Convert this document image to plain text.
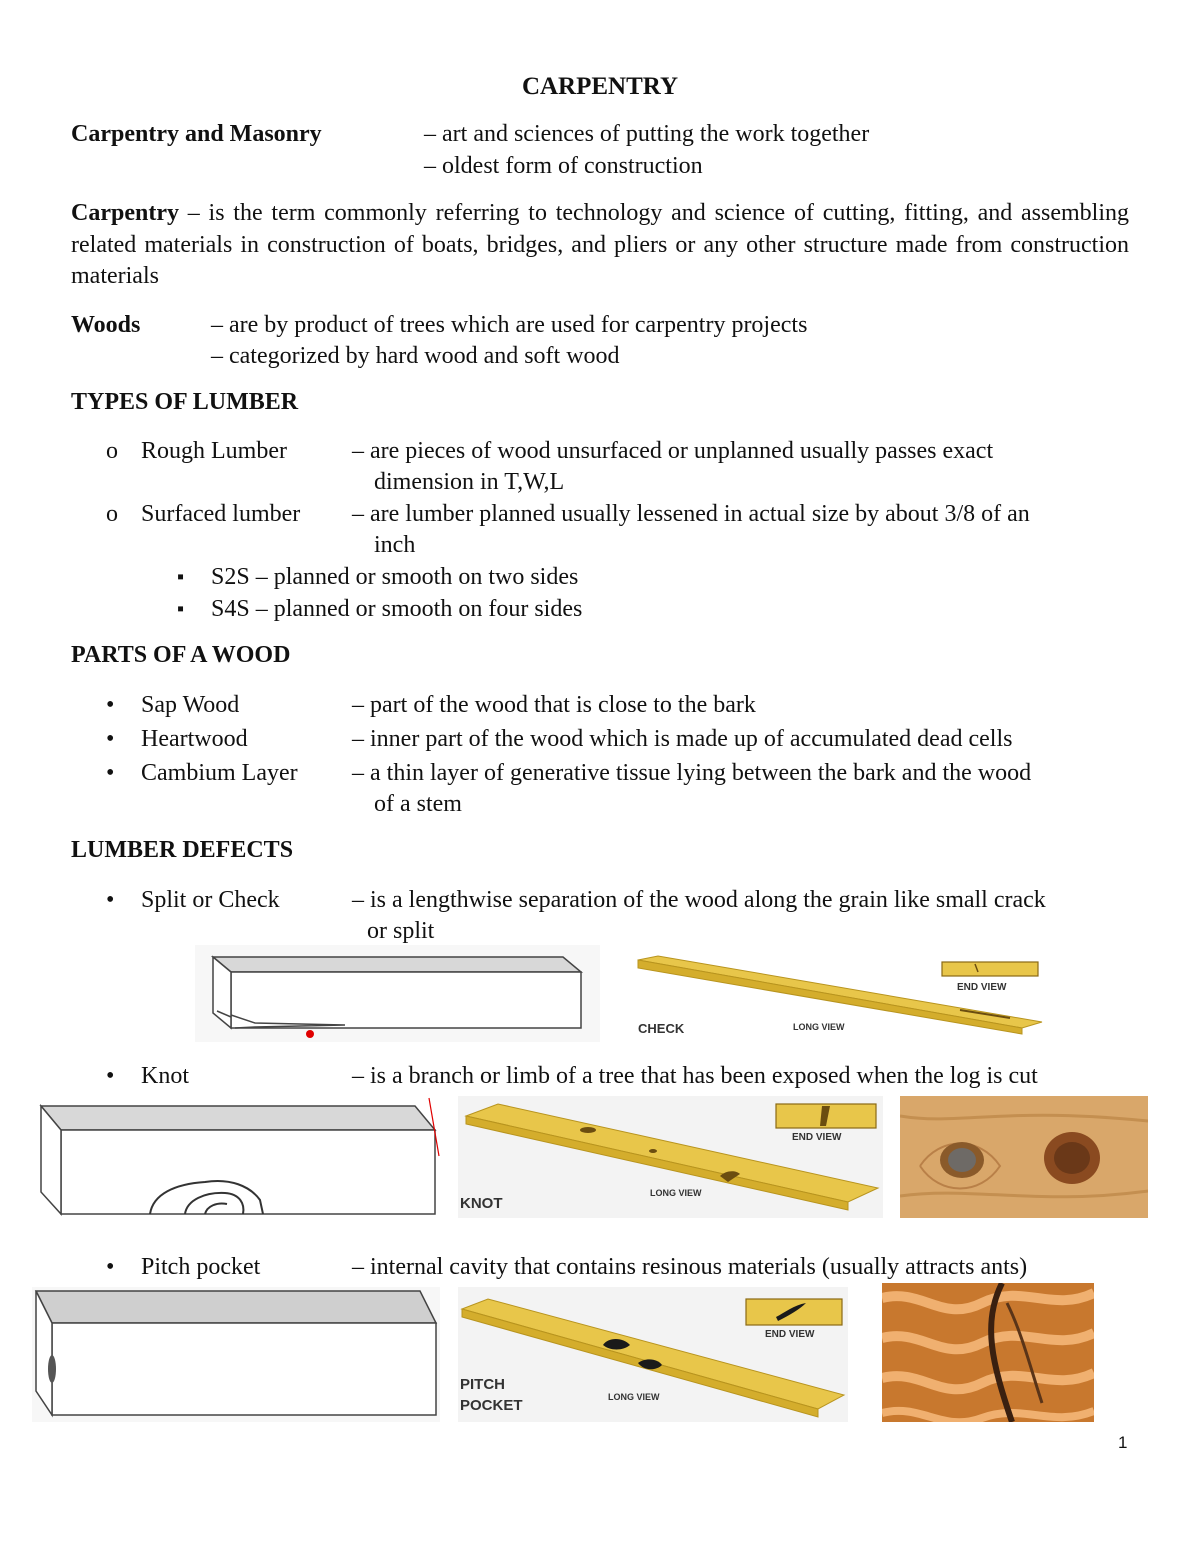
CARPENTRY
Carpentry and Masonry	– art and sciences of putting the work together
– oldest form of construction
Carpentry – is the term commonly referring to technology and science of cutting, fitting, and assembling related materials in construction of boats, bridges, and pliers or any other structure made from construction materials
Woods	– are by product of trees which are used for carpentry projects
– categorized by hard wood and soft wood
TYPES OF LUMBER
o Rough Lumber	– are pieces of wood unsurfaced or unplanned usually passes exact
dimension in T,W,L
o Surfaced lumber – are lumber planned usually lessened in actual size by about 3/8 of an
inch
▪ S2S – planned or smooth on two sides
▪ S4S – planned or smooth on four sides
PARTS OF A WOOD
• Sap Wood	– part of the wood that is close to the bark
• Heartwood	– inner part of the wood which is made up of accumulated dead cells
• Cambium Layer – a thin layer of generative tissue lying between the bark and the wood
of a stem
LUMBER DEFECTS
• Split or Check	– is a lengthwise separation of the wood along the grain like small crack
or split
END VIEW
CHECK	LONG VIEW
• Knot	– is a branch or limb of a tree that has been exposed when the log is cut
END VIEW
KNOT
LONG VIEW
• Pitch pocket	– internal cavity that contains resinous materials (usually attracts ants)
END VIEW
PITCH
POCKET	LONG VIEW
1
